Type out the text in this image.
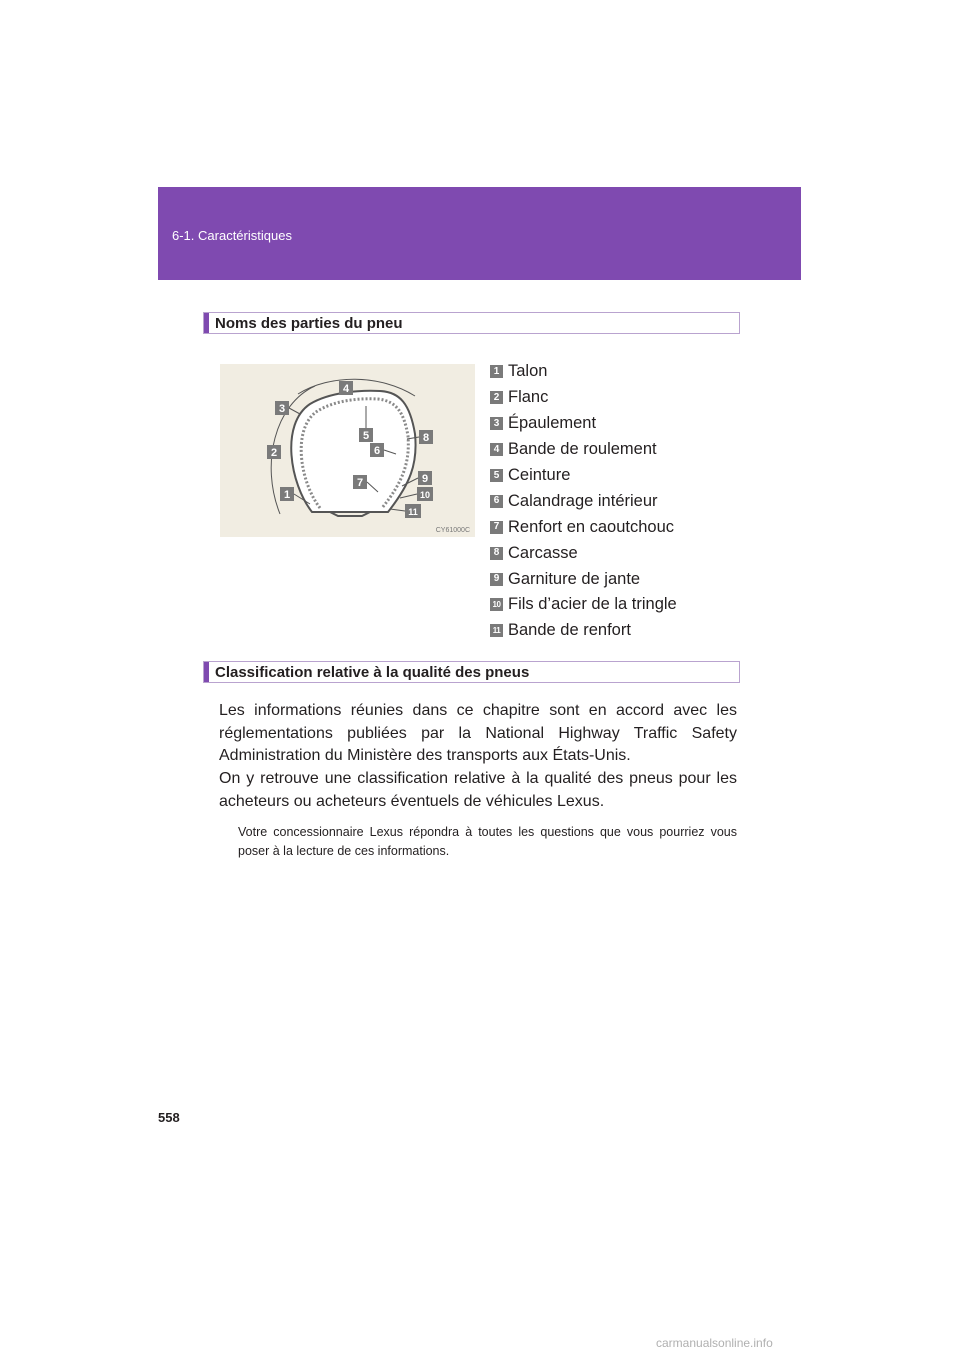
6-1. Caractéristiques
Noms des parties du pneu
1
2
3
4
5
6
7
8
9
10
11
CY61000C
1 Talon
2 Flanc
3 Épaulement
4 Bande de roulement
5 Ceinture
6 Calandrage intérieur
7 Renfort en caoutchouc
8 Carcasse
9 Garniture de jante
10 Fils d’acier de la tringle
11 Bande de renfort
Classification relative à la qualité des pneus

Les informations réunies dans ce chapitre sont en accord avec les réglementations publiées par la National Highway Traffic Safety Administration du Ministère des transports aux États-Unis.

On y retrouve une classification relative à la qualité des pneus pour les acheteurs ou acheteurs éventuels de véhicules Lexus.

Votre concessionnaire Lexus répondra à toutes les questions que vous pourriez vous poser à la lecture de ces informations.

558
carmanualsonline.info
